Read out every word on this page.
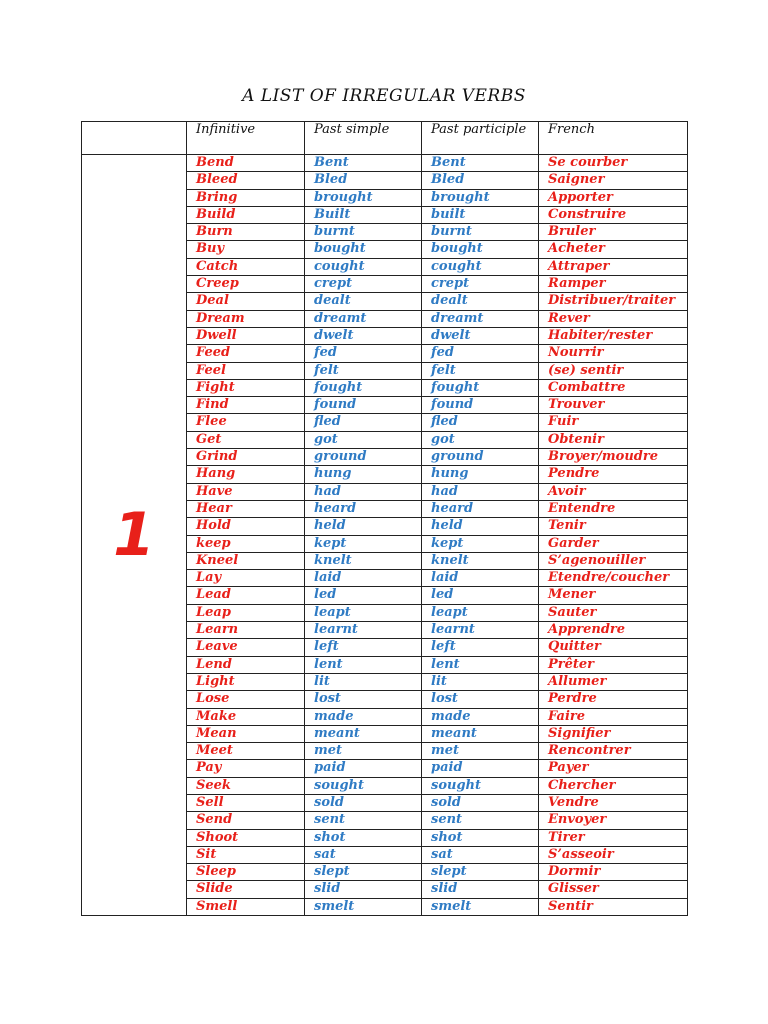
A LIST OF IRREGULAR VERBS
	Infinitive	Past simple	Past participle	French
1	Bend	Bent	Bent	Se courber
	Bleed	Bled	Bled	Saigner
	Bring	brought	brought	Apporter
	Build	Built	built	Construire
	Burn	burnt	burnt	Bruler
	Buy	bought	bought	Acheter
	Catch	cought	cought	Attraper
	Creep	crept	crept	Ramper
	Deal	dealt	dealt	Distribuer/traiter
	Dream	dreamt	dreamt	Rever
	Dwell	dwelt	dwelt	Habiter/rester
	Feed	fed	fed	Nourrir
	Feel	felt	felt	(se) sentir
	Fight	fought	fought	Combattre
	Find	found	found	Trouver
	Flee	fled	fled	Fuir
	Get	got	got	Obtenir
	Grind	ground	ground	Broyer/moudre
	Hang	hung	hung	Pendre
	Have	had	had	Avoir
	Hear	heard	heard	Entendre
	Hold	held	held	Tenir
	keep	kept	kept	Garder
	Kneel	knelt	knelt	S’agenouiller
	Lay	laid	laid	Etendre/coucher
	Lead	led	led	Mener
	Leap	leapt	leapt	Sauter
	Learn	learnt	learnt	Apprendre
	Leave	left	left	Quitter
	Lend	lent	lent	Prêter
	Light	lit	lit	Allumer
	Lose	lost	lost	Perdre
	Make	made	made	Faire
	Mean	meant	meant	Signifier
	Meet	met	met	Rencontrer
	Pay	paid	paid	Payer
	Seek	sought	sought	Chercher
	Sell	sold	sold	Vendre
	Send	sent	sent	Envoyer
	Shoot	shot	shot	Tirer
	Sit	sat	sat	S’asseoir
	Sleep	slept	slept	Dormir
	Slide	slid	slid	Glisser
	Smell	smelt	smelt	Sentir
